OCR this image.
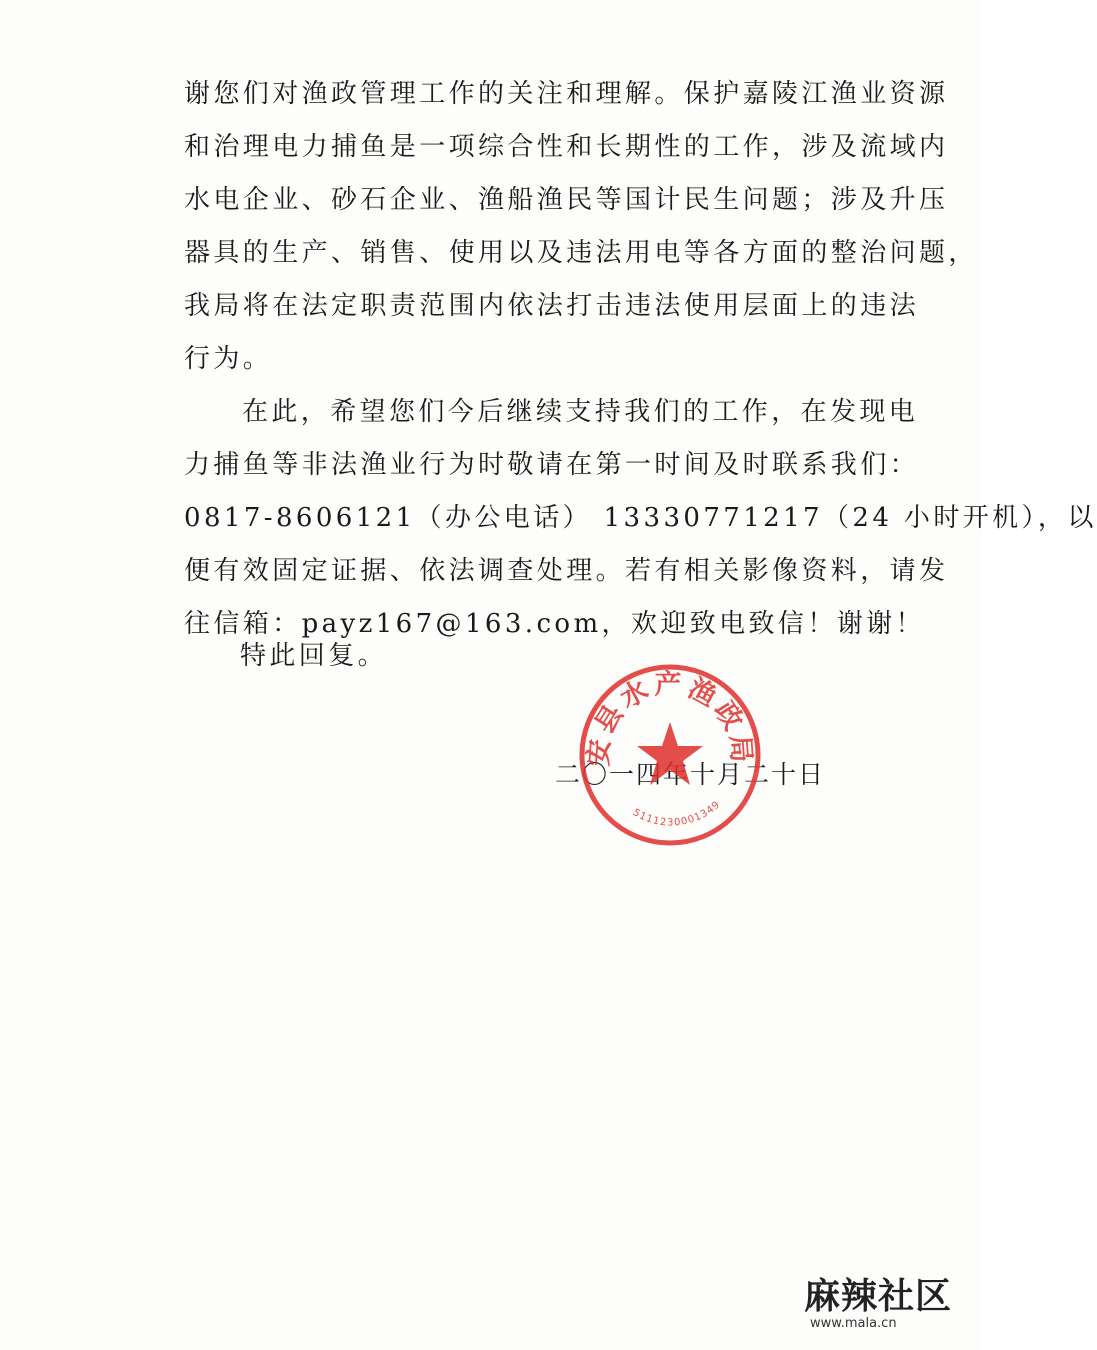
谢您们对渔政管理工作的关注和理解。保护嘉陵江渔业资源
和治理电力捕鱼是一项综合性和长期性的工作，涉及流域内
水电企业、砂石企业、渔船渔民等国计民生问题；涉及升压
器具的生产、销售、使用以及违法用电等各方面的整治问题，
我局将在法定职责范围内依法打击违法使用层面上的违法
行为。
在此，希望您们今后继续支持我们的工作，在发现电
力捕鱼等非法渔业行为时敬请在第一时间及时联系我们：
0817-8606121（办公电话） 13330771217（24 小时开机），以
便有效固定证据、依法调查处理。若有相关影像资料，请发
往信箱：payz167@163.com，欢迎致电致信！谢谢！
特此回复。
二〇一四年十月二十日
安县水产渔政局
5111230001349
麻辣社区
www.mala.cn
